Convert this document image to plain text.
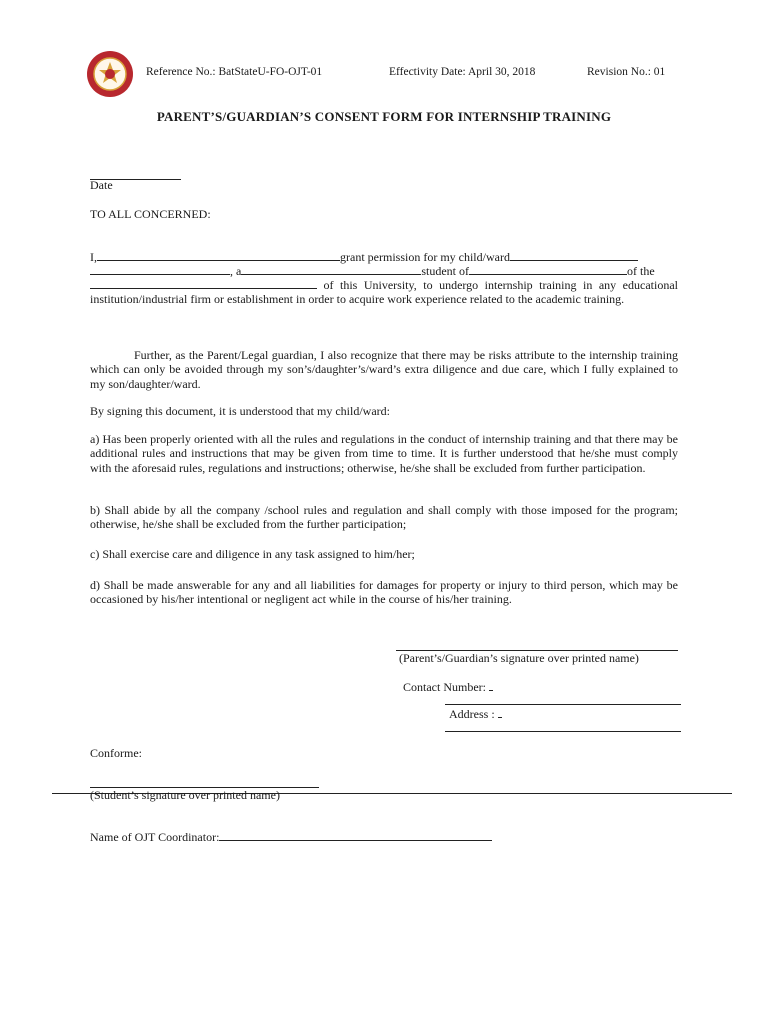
Reference No.: BatStateU-FO-OJT-01	Effectivity Date: April 30, 2018	Revision No.: 01
PARENT’S/GUARDIAN’S CONSENT FORM FOR INTERNSHIP TRAINING
Date
TO ALL CONCERNED:
I,	grant permission for my child/ward
, a	student of	of the
of this University, to undergo internship training in any educational institution/industrial firm or establishment in order to acquire work experience related to the academic training.
Further, as the Parent/Legal guardian, I also recognize that there may be risks attribute to the internship training which can only be avoided through my son’s/daughter’s/ward’s extra diligence and due care, which I fully explained to my son/daughter/ward.
By signing this document, it is understood that my child/ward:
a) Has been properly oriented with all the rules and regulations in the conduct of internship training and that there may be additional rules and instructions that may be given from time to time. It is further understood that he/she must comply with the aforesaid rules, regulations and instructions; otherwise, he/she shall be excluded from further participation.
b) Shall abide by all the company /school rules and regulation and shall comply with those imposed for the program; otherwise, he/she shall be excluded from the further participation;
c) Shall exercise care and diligence in any task assigned to him/her;
d) Shall be made answerable for any and all liabilities for damages for property or injury to third person, which may be occasioned by his/her intentional or negligent act while in the course of his/her training.
(Parent’s/Guardian’s signature over printed name)
Contact Number:
Address :
Conforme:
(Student’s signature over printed name)
Name of OJT Coordinator:
